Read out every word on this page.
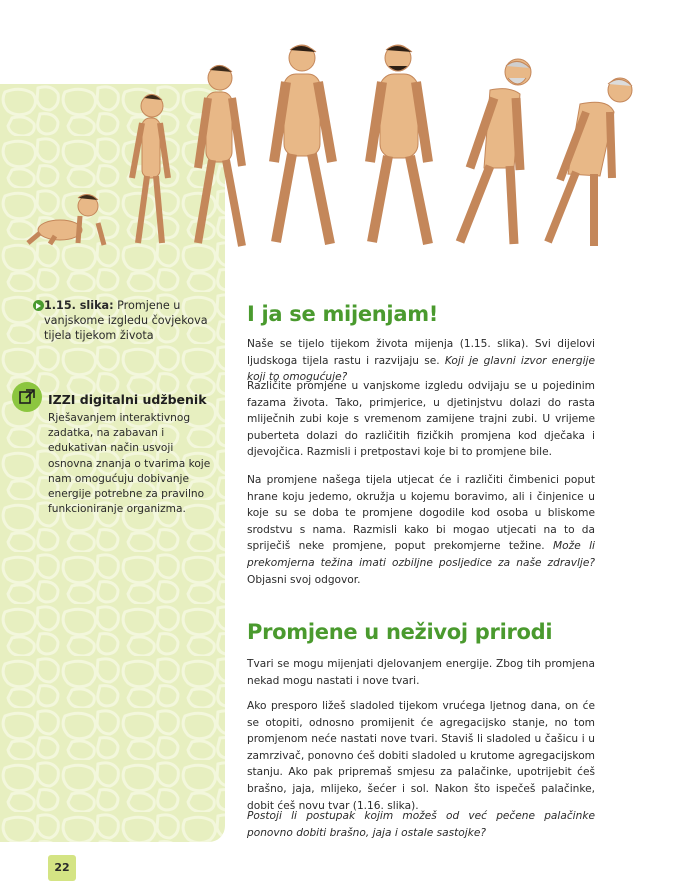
1.15. slika: Promjene u vanjskome izgledu čovjekova tijela tijekom života
IZZI digitalni udžbenik
Rješavanjem interaktivnog zadatka, na zabavan i edukativan način usvoji osnovna znanja o tvarima koje nam omogućuju dobivanje energije potrebne za pravilno funkcioniranje organizma.
I ja se mijenjam!

Naše se tijelo tijekom života mijenja (1.15. slika). Svi dijelovi ljudskoga tijela rastu i razvijaju se. Koji je glavni izvor energije koji to omogućuje?

Različite promjene u vanjskome izgledu odvijaju se u pojedinim fazama života. Tako, primjerice, u djetinjstvu dolazi do rasta mliječnih zubi koje s vremenom zamijene trajni zubi. U vrijeme puberteta dolazi do različitih fizičkih promjena kod dječaka i djevojčica. Razmisli i pretpostavi koje bi to promjene bile.

Na promjene našega tijela utjecat će i različiti čimbenici poput hrane koju jedemo, okružja u kojemu boravimo, ali i činjenice u koje su se doba te promjene dogodile kod osoba u bliskome srodstvu s nama. Razmisli kako bi mogao utjecati na to da spriječiš neke promjene, poput prekomjerne težine. Može li prekomjerna težina imati ozbiljne posljedice za naše zdravlje? Objasni svoj odgovor.

Promjene u neživoj prirodi

Tvari se mogu mijenjati djelovanjem energije. Zbog tih promjena nekad mogu nastati i nove tvari.

Ako presporo ližeš sladoled tijekom vrućega ljetnog dana, on će se otopiti, odnosno promijenit će agregacijsko stanje, no tom promjenom neće nastati nove tvari. Staviš li sladoled u čašicu i u zamrzivač, ponovno ćeš dobiti sladoled u krutome agregacijskom stanju. Ako pak pripremaš smjesu za palačinke, upotrijebit ćeš brašno, jaja, mlijeko, šećer i sol. Nakon što ispečeš palačinke, dobit ćeš novu tvar (1.16. slika).

Postoji li postupak kojim možeš od već pečene palačinke ponovno dobiti brašno, jaja i ostale sastojke?

22
